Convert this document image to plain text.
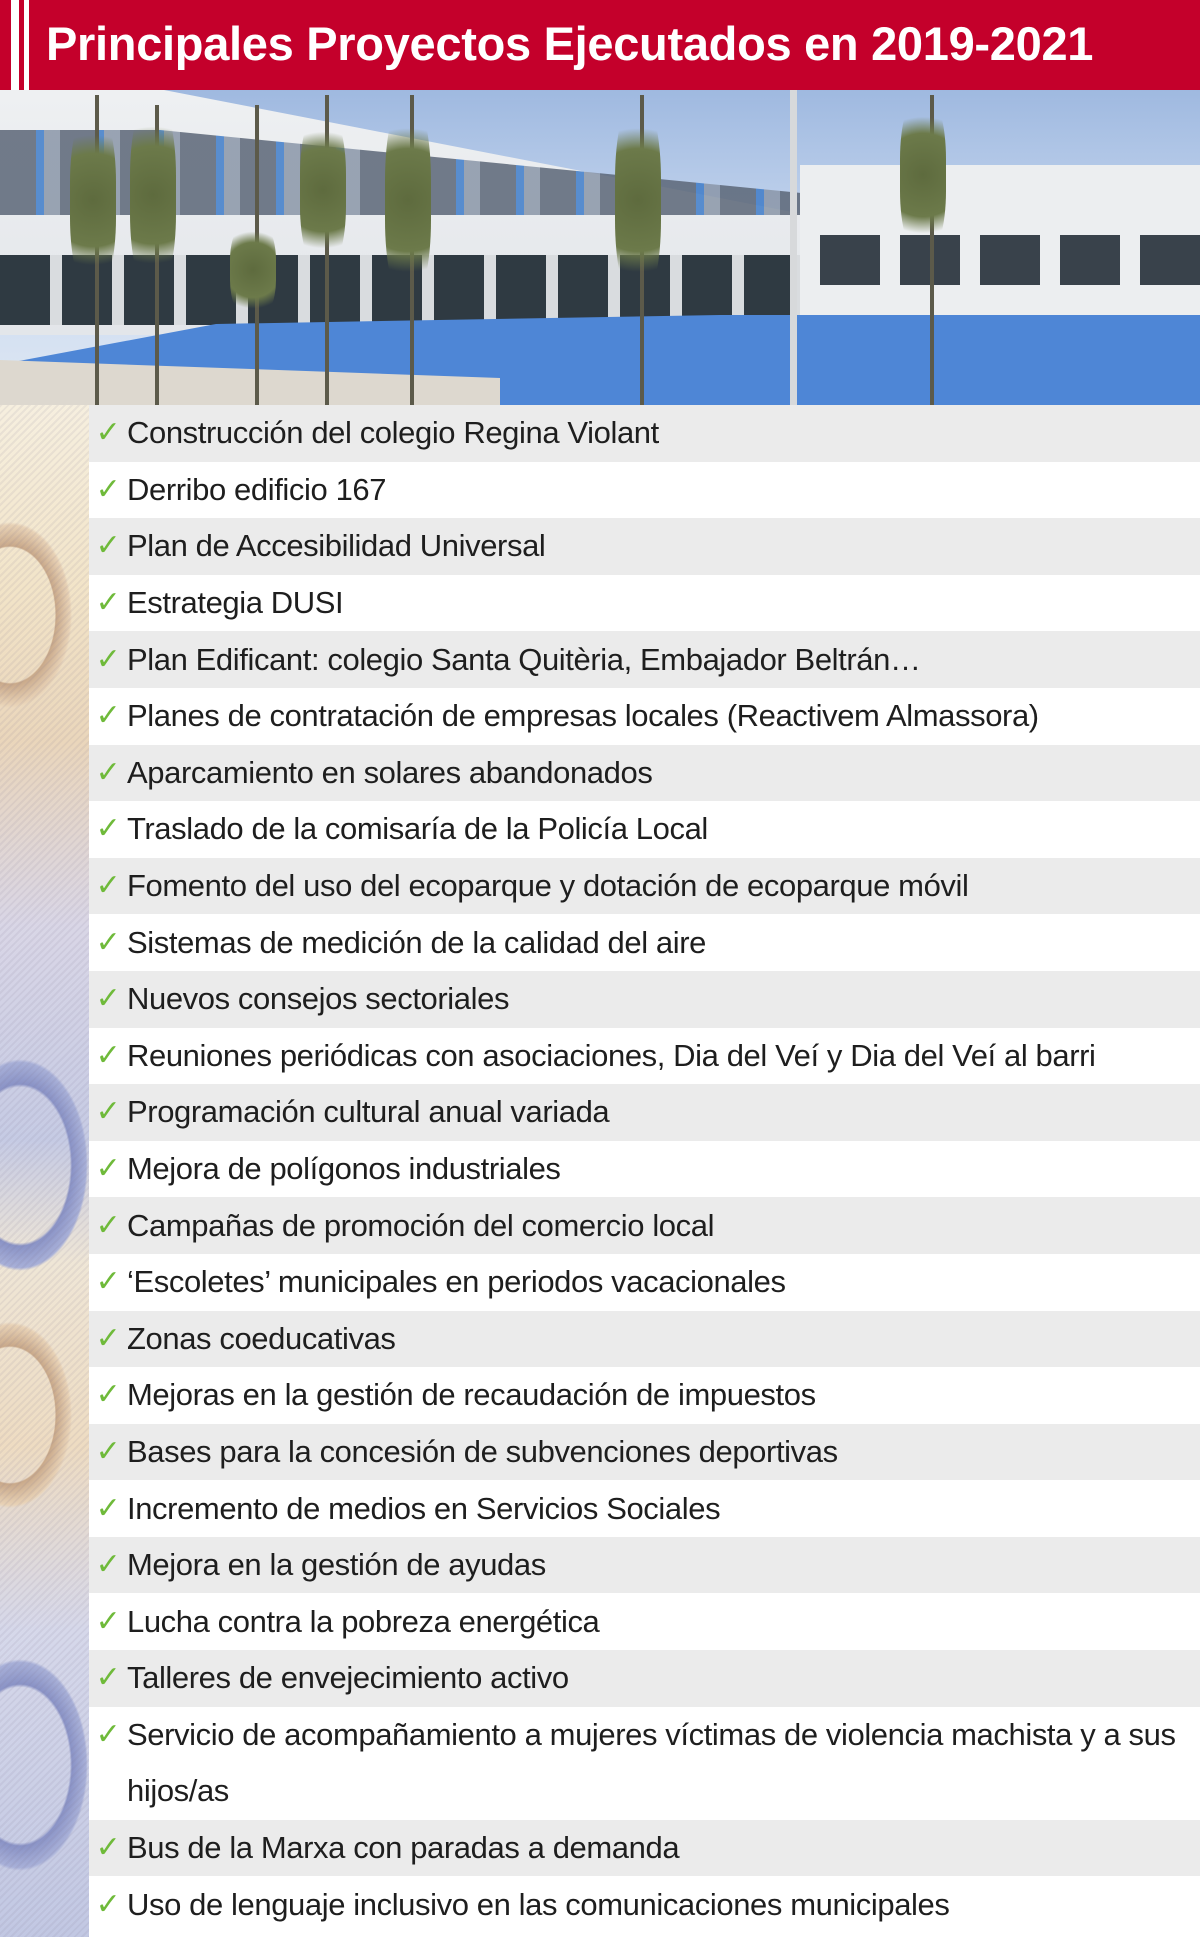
Principales Proyectos Ejecutados en 2019-2021
✓ Construcción del colegio Regina Violant
✓ Derribo edificio 167
✓ Plan de Accesibilidad Universal
✓ Estrategia DUSI
✓ Plan Edificant: colegio Santa Quitèria, Embajador Beltrán…
✓ Planes de contratación de empresas locales (Reactivem Almassora)
✓ Aparcamiento en solares abandonados
✓ Traslado de la comisaría de la Policía Local
✓ Fomento del uso del ecoparque y dotación de ecoparque móvil
✓ Sistemas de medición de la calidad del aire
✓ Nuevos consejos sectoriales
✓ Reuniones periódicas con asociaciones, Dia del Veí y Dia del Veí al barri
✓ Programación cultural anual variada
✓ Mejora de polígonos industriales
✓ Campañas de promoción del comercio local
✓ ‘Escoletes’ municipales en periodos vacacionales
✓ Zonas coeducativas
✓ Mejoras en la gestión de recaudación de impuestos
✓ Bases para la concesión de subvenciones deportivas
✓ Incremento de medios en Servicios Sociales
✓ Mejora en la gestión de ayudas
✓ Lucha contra la pobreza energética
✓ Talleres de envejecimiento activo
✓ Servicio de acompañamiento a mujeres víctimas de violencia machista y a sus hijos/as
✓ Bus de la Marxa con paradas a demanda
✓ Uso de lenguaje inclusivo en las comunicaciones municipales
